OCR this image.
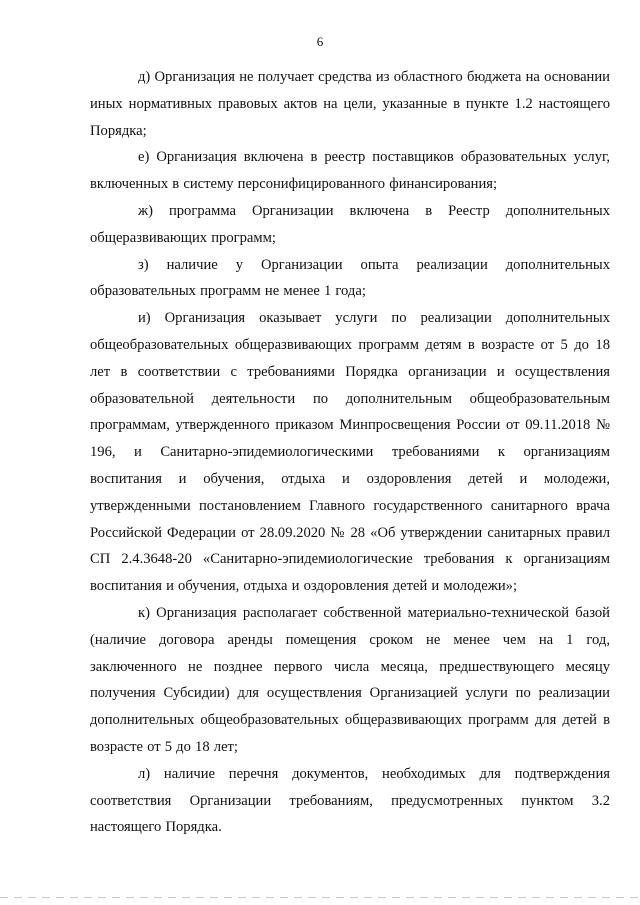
6

д) Организация не получает средства из областного бюджета на основании иных нормативных правовых актов на цели, указанные в пункте 1.2 настоящего Порядка;

е) Организация включена в реестр поставщиков образовательных услуг, включенных в систему персонифицированного финансирования;

ж) программа Организации включена в Реестр дополнительных общеразвивающих программ;

з) наличие у Организации опыта реализации дополнительных образовательных программ не менее 1 года;

и) Организация оказывает услуги по реализации дополнительных общеобразовательных общеразвивающих программ детям в возрасте от 5 до 18 лет в соответствии с требованиями Порядка организации и осуществления образовательной деятельности по дополнительным общеобразовательным программам, утвержденного приказом Минпросвещения России от 09.11.2018 № 196, и Санитарно-эпидемиологическими требованиями к организациям воспитания и обучения, отдыха и оздоровления детей и молодежи, утвержденными постановлением Главного государственного санитарного врача Российской Федерации от 28.09.2020 № 28 «Об утверждении санитарных правил СП 2.4.3648-20 «Санитарно-эпидемиологические требования к организациям воспитания и обучения, отдыха и оздоровления детей и молодежи»;

к) Организация располагает собственной материально-технической базой (наличие договора аренды помещения сроком не менее чем на 1 год, заключенного не позднее первого числа месяца, предшествующего месяцу получения Субсидии) для осуществления Организацией услуги по реализации дополнительных общеобразовательных общеразвивающих программ для детей в возрасте от 5 до 18 лет;

л) наличие перечня документов, необходимых для подтверждения соответствия Организации требованиям, предусмотренных пунктом 3.2 настоящего Порядка.
